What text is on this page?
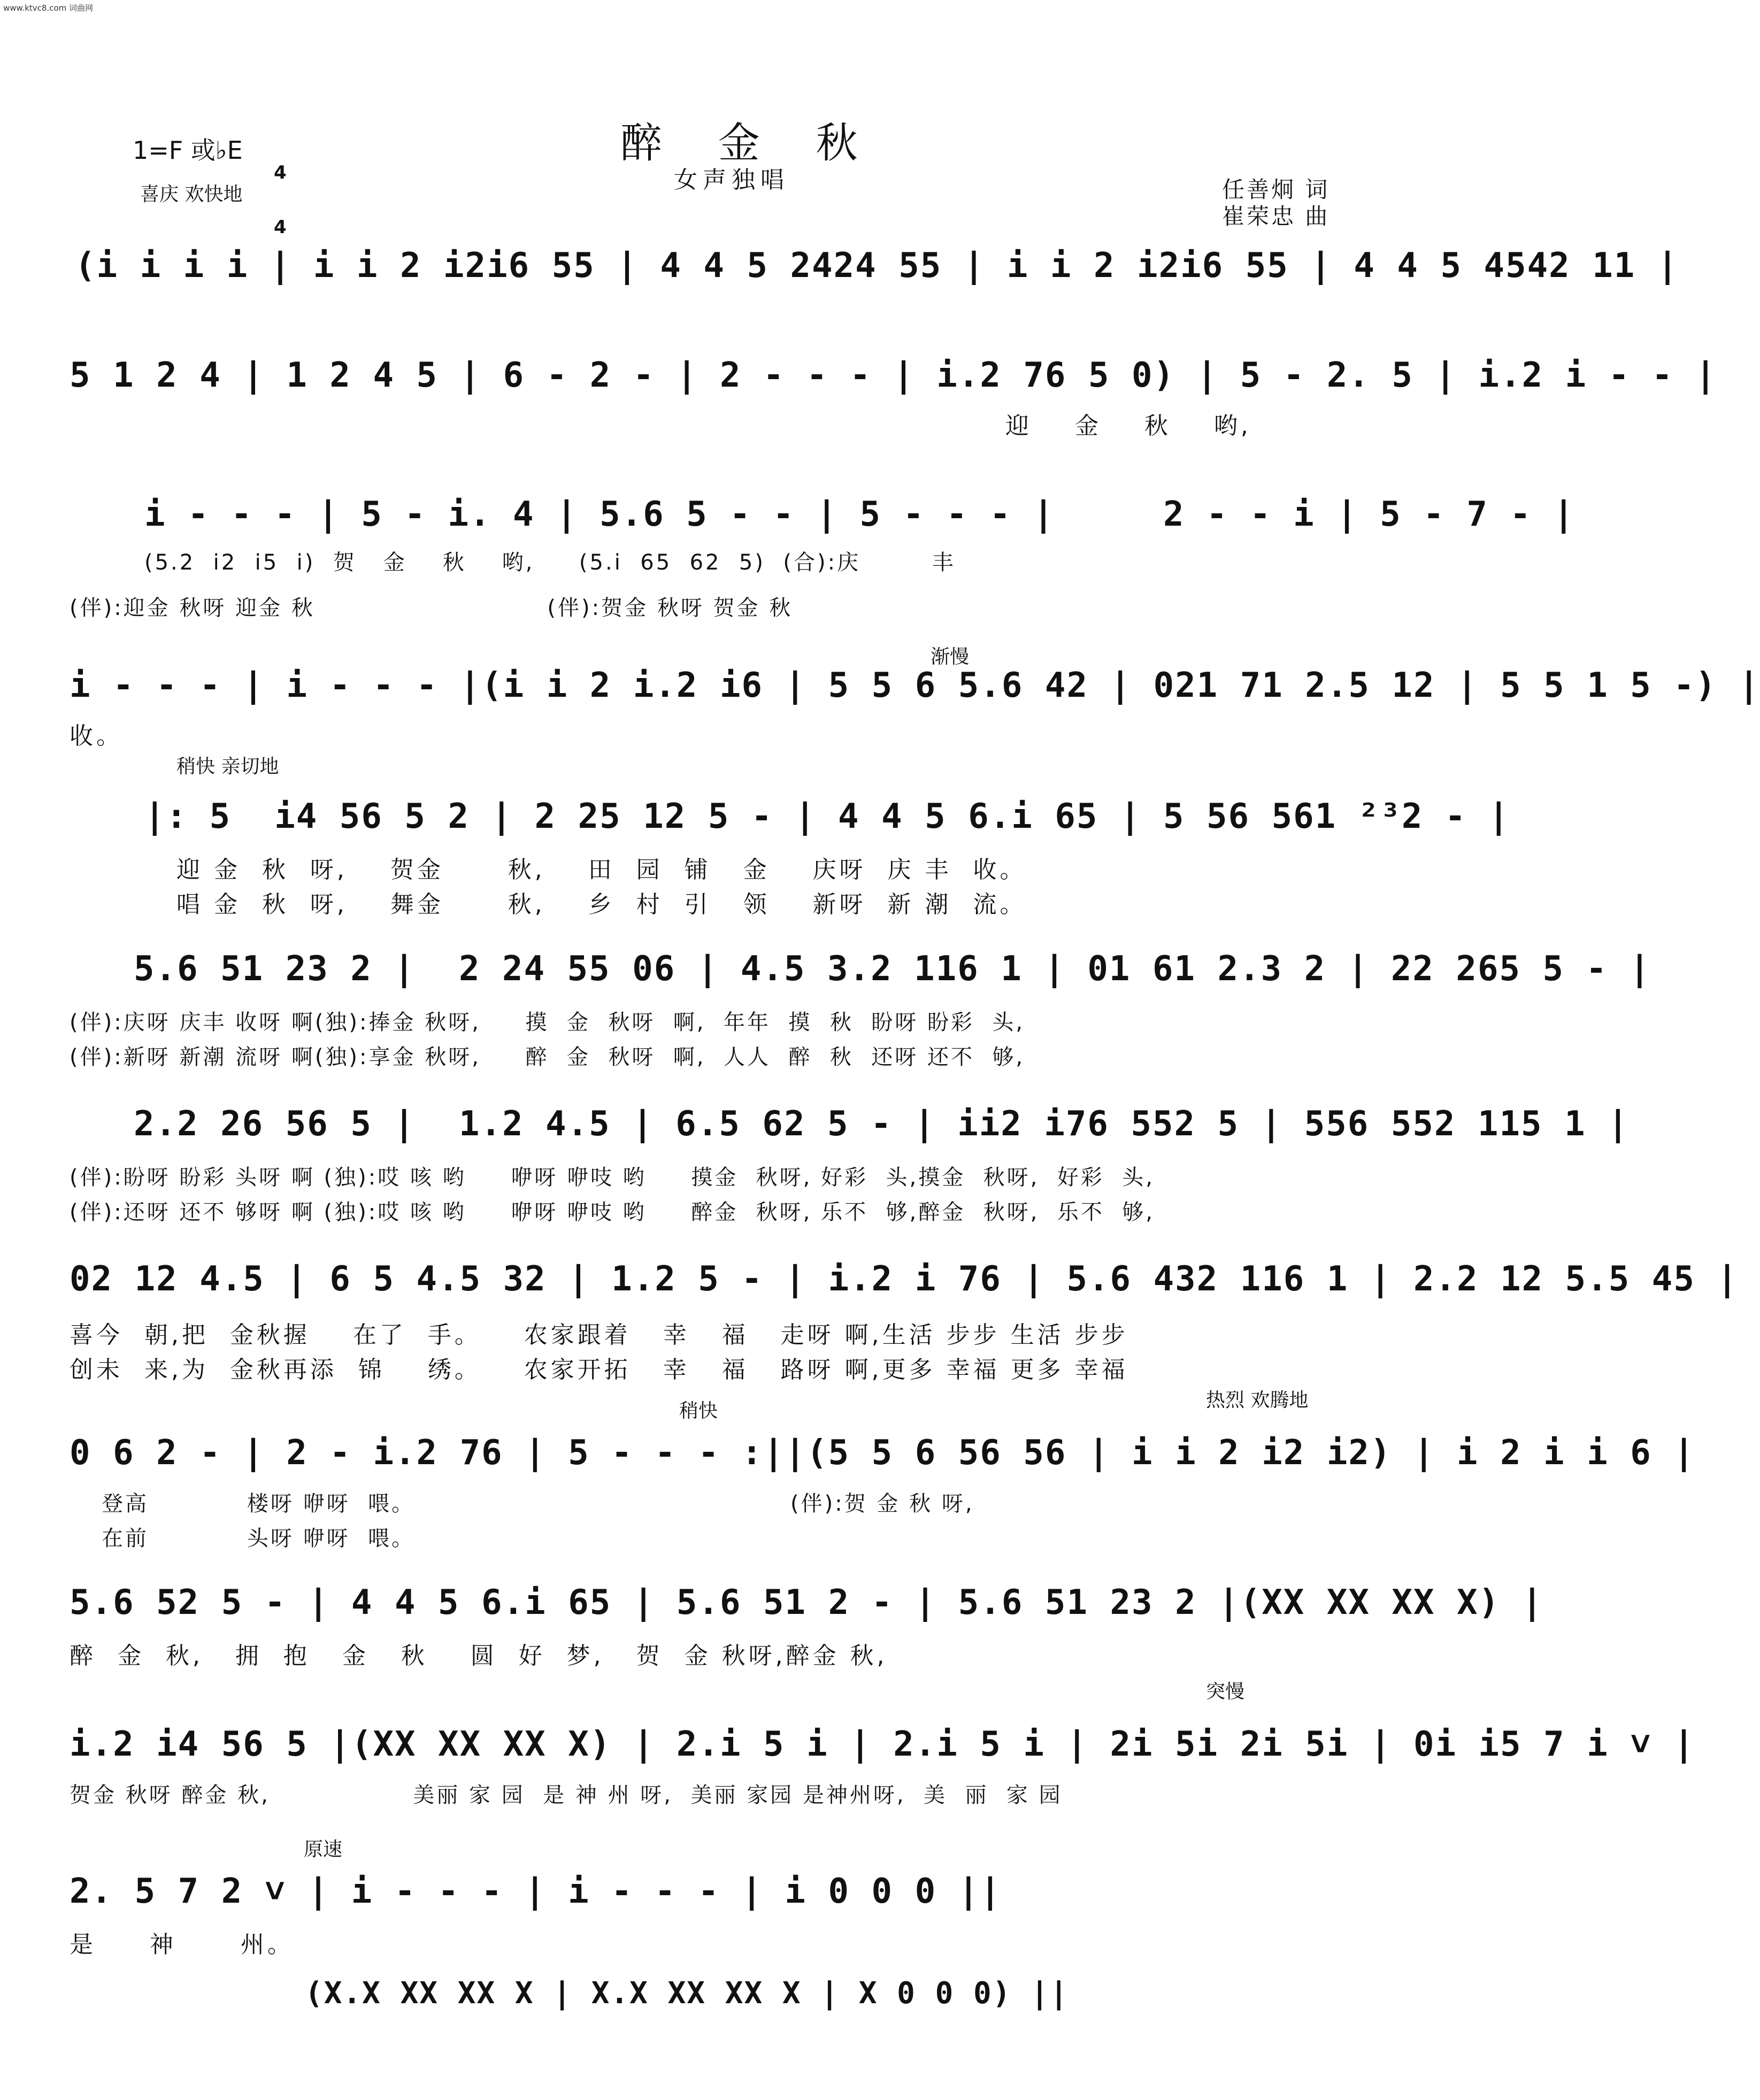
www.ktvc8.com 词曲网
醉 金 秋
女声独唱
1=F 或♭E

4

4

喜庆 欢快地	任善炯 词
崔荣忠 曲
渐慢
稍快 亲切地
稍快	热烈 欢腾地
突慢
原速
(i i i i | i i 2 i2i6 55 | 4 4 5 2424 55 | i i 2 i2i6 55 | 4 4 5 4542 11 |
5 1 2 4 | 1 2 4 5 | 6 - 2 - | 2 - - - | i.2 76 5 0) | 5 - 2. 5 | i.2 i - - |
迎    金    秋    哟,
i - - - | 5 - i. 4 | 5.6 5 - - | 5 - - - |     2 - - i | 5 - 7 - |
(5.2  i2  i5  i)  贺   金    秋    哟,     (5.i  65  62  5)  (合):庆        丰
(伴):迎金 秋呀 迎金 秋                          (伴):贺金 秋呀 贺金 秋
i - - - | i - - - |(i i 2 i.2 i6 | 5 5 6 5.6 42 | 021 71 2.5 12 | 5 5 1 5 -) |
收。
|: 5  i4 56 5 2 | 2 25 12 5 - | 4 4 5 6.i 65 | 5 56 561 ²³2 - |
迎 金  秋  呀,    贺金      秋,    田  园  铺   金    庆呀  庆 丰  收。
唱 金  秋  呀,    舞金      秋,    乡  村  引   领    新呀  新 潮  流。
5.6 51 23 2 |  2 24 55 06 | 4.5 3.2 116 1 | 01 61 2.3 2 | 22 265 5 - |
(伴):庆呀 庆丰 收呀 啊(独):捧金 秋呀,     摸  金  秋呀  啊,  年年  摸  秋  盼呀 盼彩  头,
(伴):新呀 新潮 流呀 啊(独):享金 秋呀,     醉  金  秋呀  啊,  人人  醉  秋  还呀 还不  够,
2.2 26 56 5 |  1.2 4.5 | 6.5 62 5 - | ii2 i76 552 5 | 556 552 115 1 |
(伴):盼呀 盼彩 头呀 啊 (独):哎 咳 哟     咿呀 咿吱 哟     摸金  秋呀, 好彩  头,摸金  秋呀,  好彩  头,
(伴):还呀 还不 够呀 啊 (独):哎 咳 哟     咿呀 咿吱 哟     醉金  秋呀, 乐不  够,醉金  秋呀,  乐不  够,
02 12 4.5 | 6 5 4.5 32 | 1.2 5 - | i.2 i 76 | 5.6 432 116 1 | 2.2 12 5.5 45 |
喜今  朝,把  金秋握    在了  手。    农家跟着   幸   福   走呀 啊,生活 步步 生活 步步
创未  来,为  金秋再添  锦    绣。    农家开拓   幸   福   路呀 啊,更多 幸福 更多 幸福
0 6 2 - | 2 - i.2 76 | 5 - - - :||(5 5 6 56 56 | i i 2 i2 i2) | i 2 i i 6 |
登高           楼呀 咿呀  喂。                                          (伴):贺 金 秋 呀,
在前           头呀 咿呀  喂。
5.6 52 5 - | 4 4 5 6.i 65 | 5.6 51 2 - | 5.6 51 23 2 |(XX XX XX X) |
醉  金  秋,   拥  抱   金   秋    圆  好  梦,   贺  金 秋呀,醉金 秋,
i.2 i4 56 5 |(XX XX XX X) | 2.i 5 i | 2.i 5 i | 2i 5i 2i 5i | 0i i5 7 i ˅ |
贺金 秋呀 醉金 秋,                美丽 家 园  是 神 州 呀,  美丽 家园 是神州呀,  美  丽  家 园
2. 5 7 2 ˅ | i - - - | i - - - | i 0 0 0 ||
是     神      州。
(X.X XX XX X | X.X XX XX X | X 0 0 0) ||
